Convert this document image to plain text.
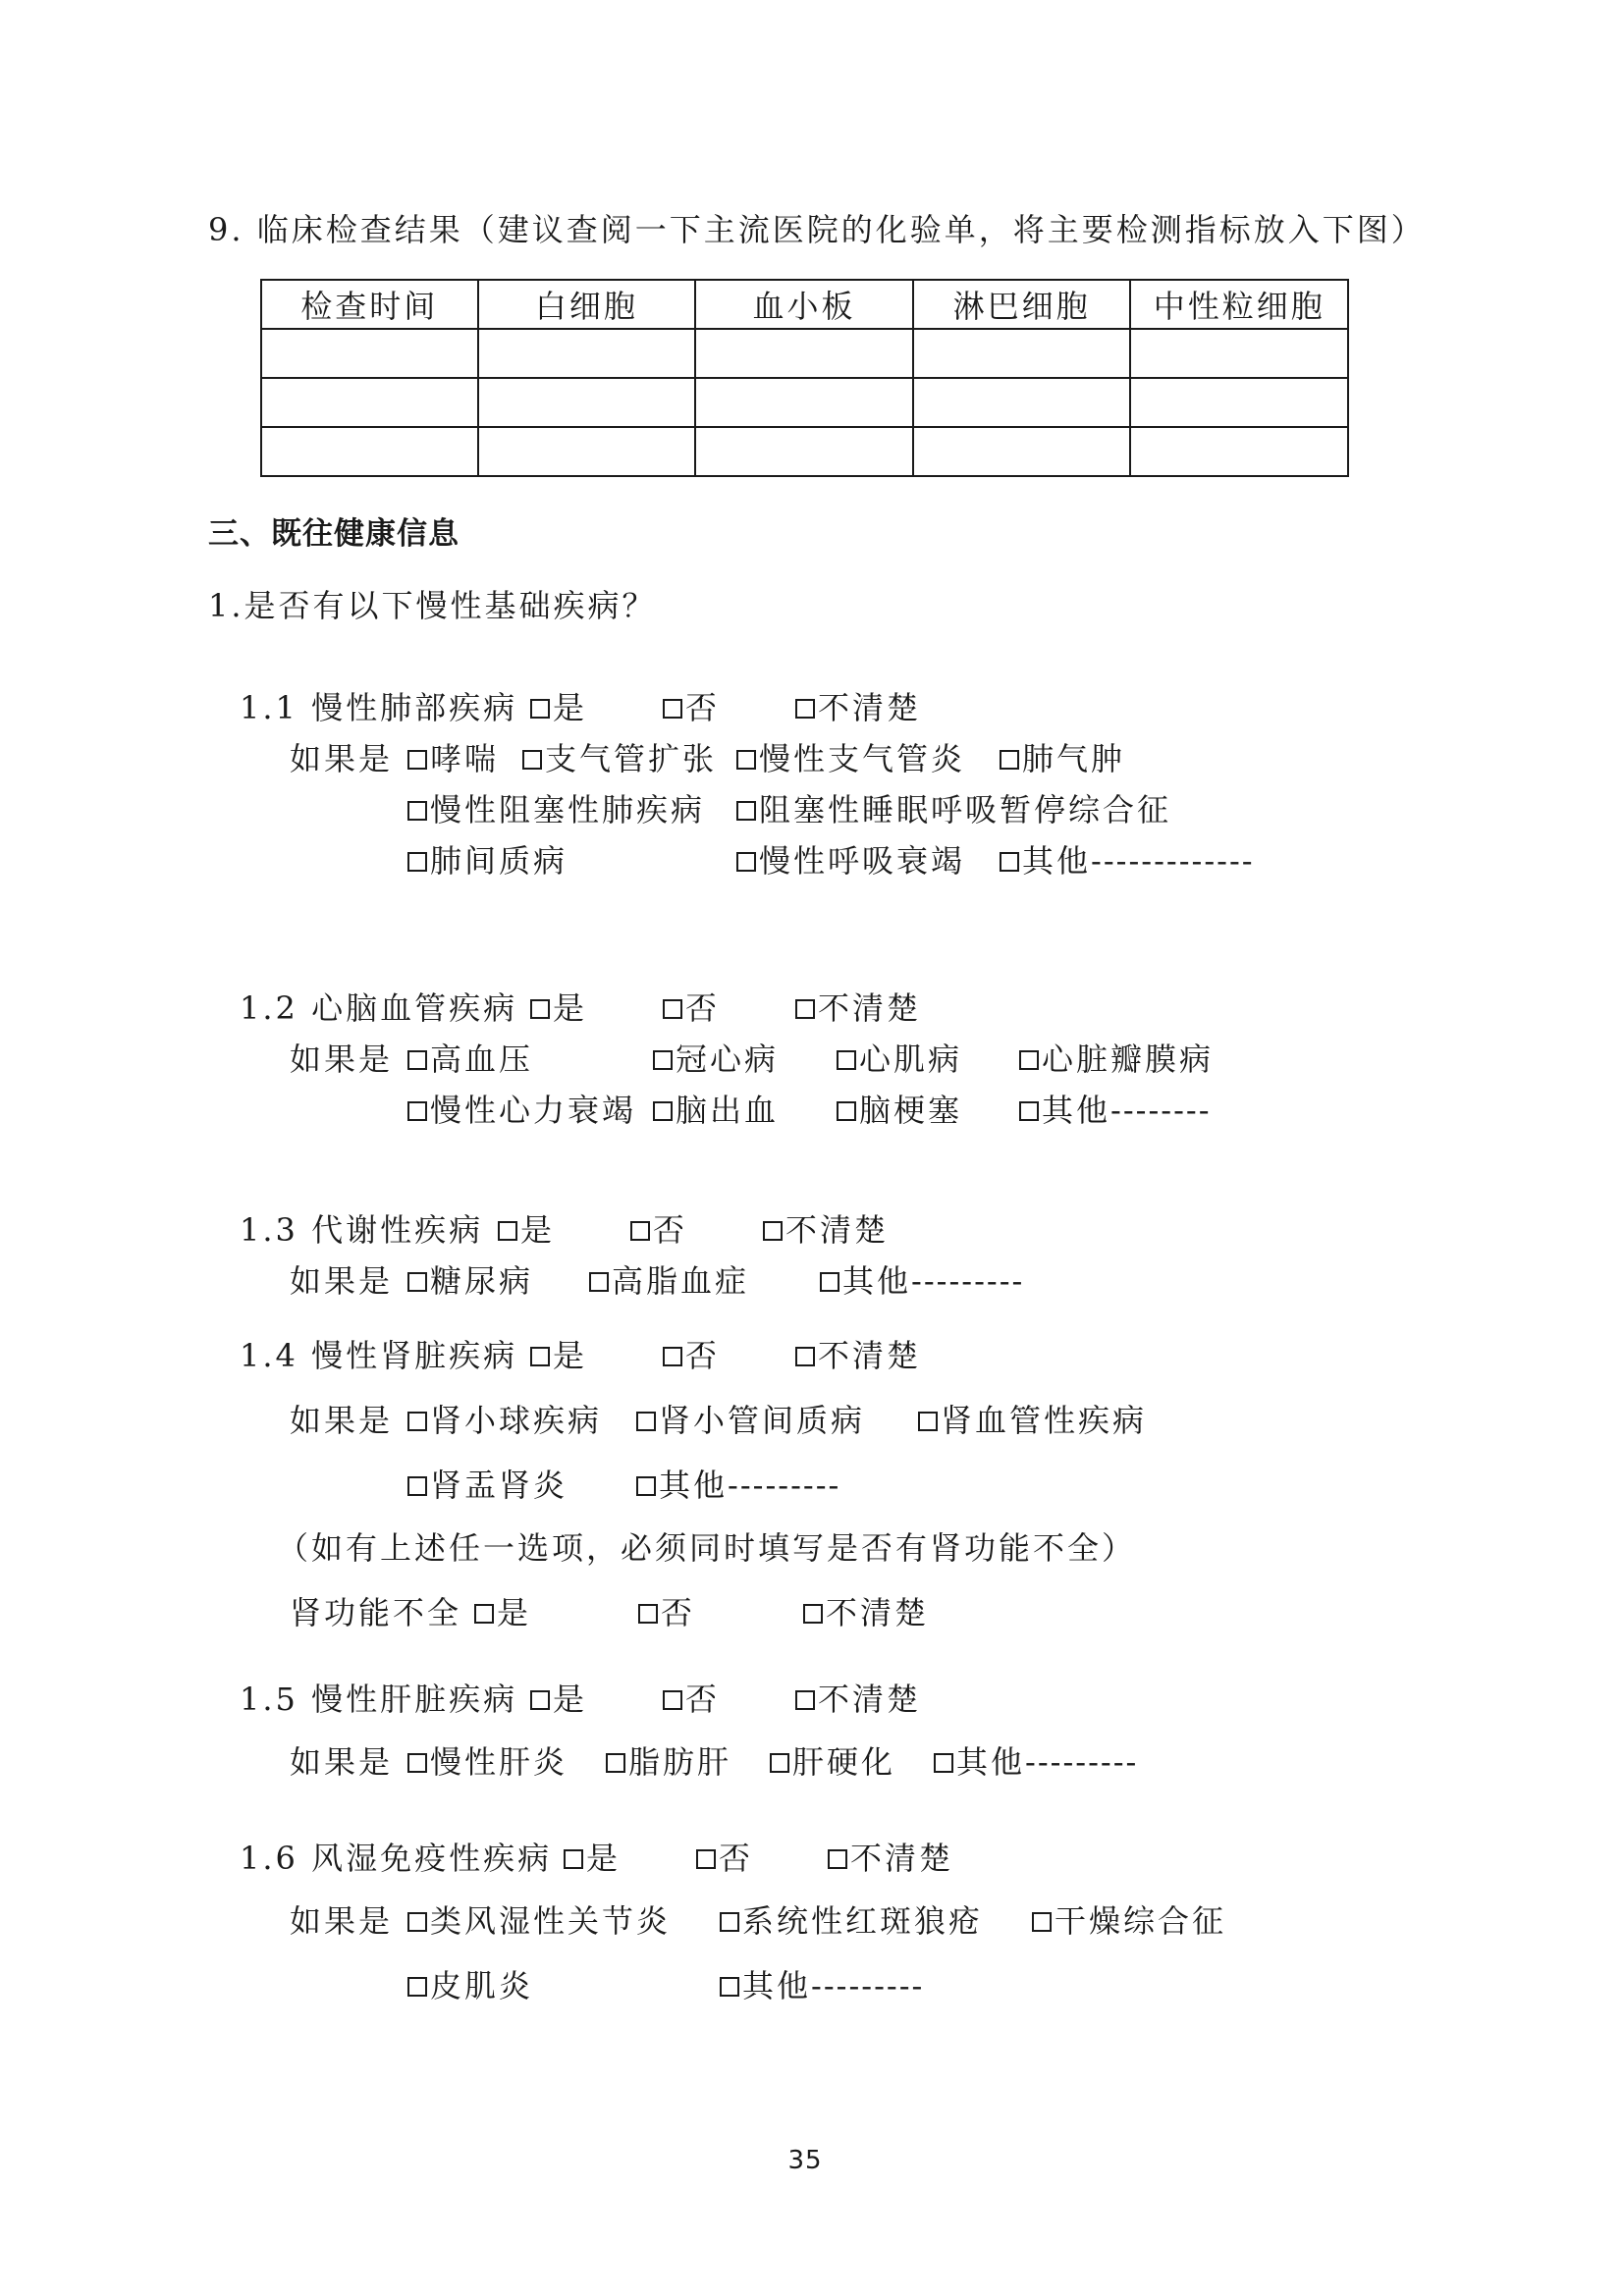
9. 临床检查结果（建议查阅一下主流医院的化验单，将主要检测指标放入下图）
检查时间	白细胞	血小板	淋巴细胞	中性粒细胞

三、既往健康信息
1.是否有以下慢性基础疾病？
1.1 慢性肺部疾病 是	否	不清楚
如果是 哮喘 支气管扩张 慢性支气管炎 肺气肿
慢性阻塞性肺疾病 阻塞性睡眠呼吸暂停综合征
肺间质病	慢性呼吸衰竭 其他 -------------
1.2 心脑血管疾病 是	否	不清楚
如果是 高血压	冠心病	心肌病	心脏瓣膜病
慢性心力衰竭 脑出血	脑梗塞	其他 --------
1.3 代谢性疾病 是	否	不清楚
如果是 糖尿病 高脂血症	其他 ---------
1.4 慢性肾脏疾病 是	否	不清楚
如果是 肾小球疾病 肾小管间质病 肾血管性疾病
肾盂肾炎	其他 ---------
（如有上述任一选项，必须同时填写是否有肾功能不全）
肾功能不全 是	否	不清楚
1.5 慢性肝脏疾病 是	否	不清楚
如果是 慢性肝炎 脂肪肝 肝硬化 其他 ---------
1.6 风湿免疫性疾病 是	否	不清楚
如果是 类风湿性关节炎 系统性红斑狼疮 干燥综合征
皮肌炎	其他 ---------
35
